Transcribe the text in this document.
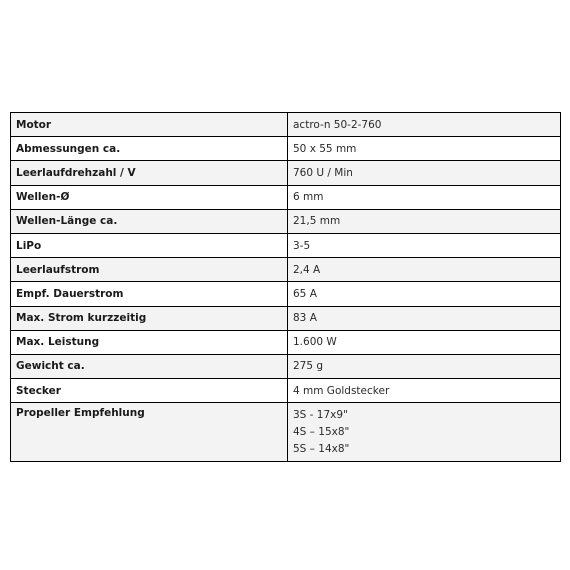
Motor	actro-n 50-2-760
Abmessungen ca.	50 x 55 mm
Leerlaufdrehzahl / V	760 U / Min
Wellen-Ø	6 mm
Wellen-Länge ca.	21,5 mm
LiPo	3-5
Leerlaufstrom	2,4 A
Empf. Dauerstrom	65 A
Max. Strom kurzzeitig	83 A
Max. Leistung	1.600 W
Gewicht ca.	275 g
Stecker	4 mm Goldstecker
Propeller Empfehlung	3S - 17x9"
4S – 15x8"
5S – 14x8"
